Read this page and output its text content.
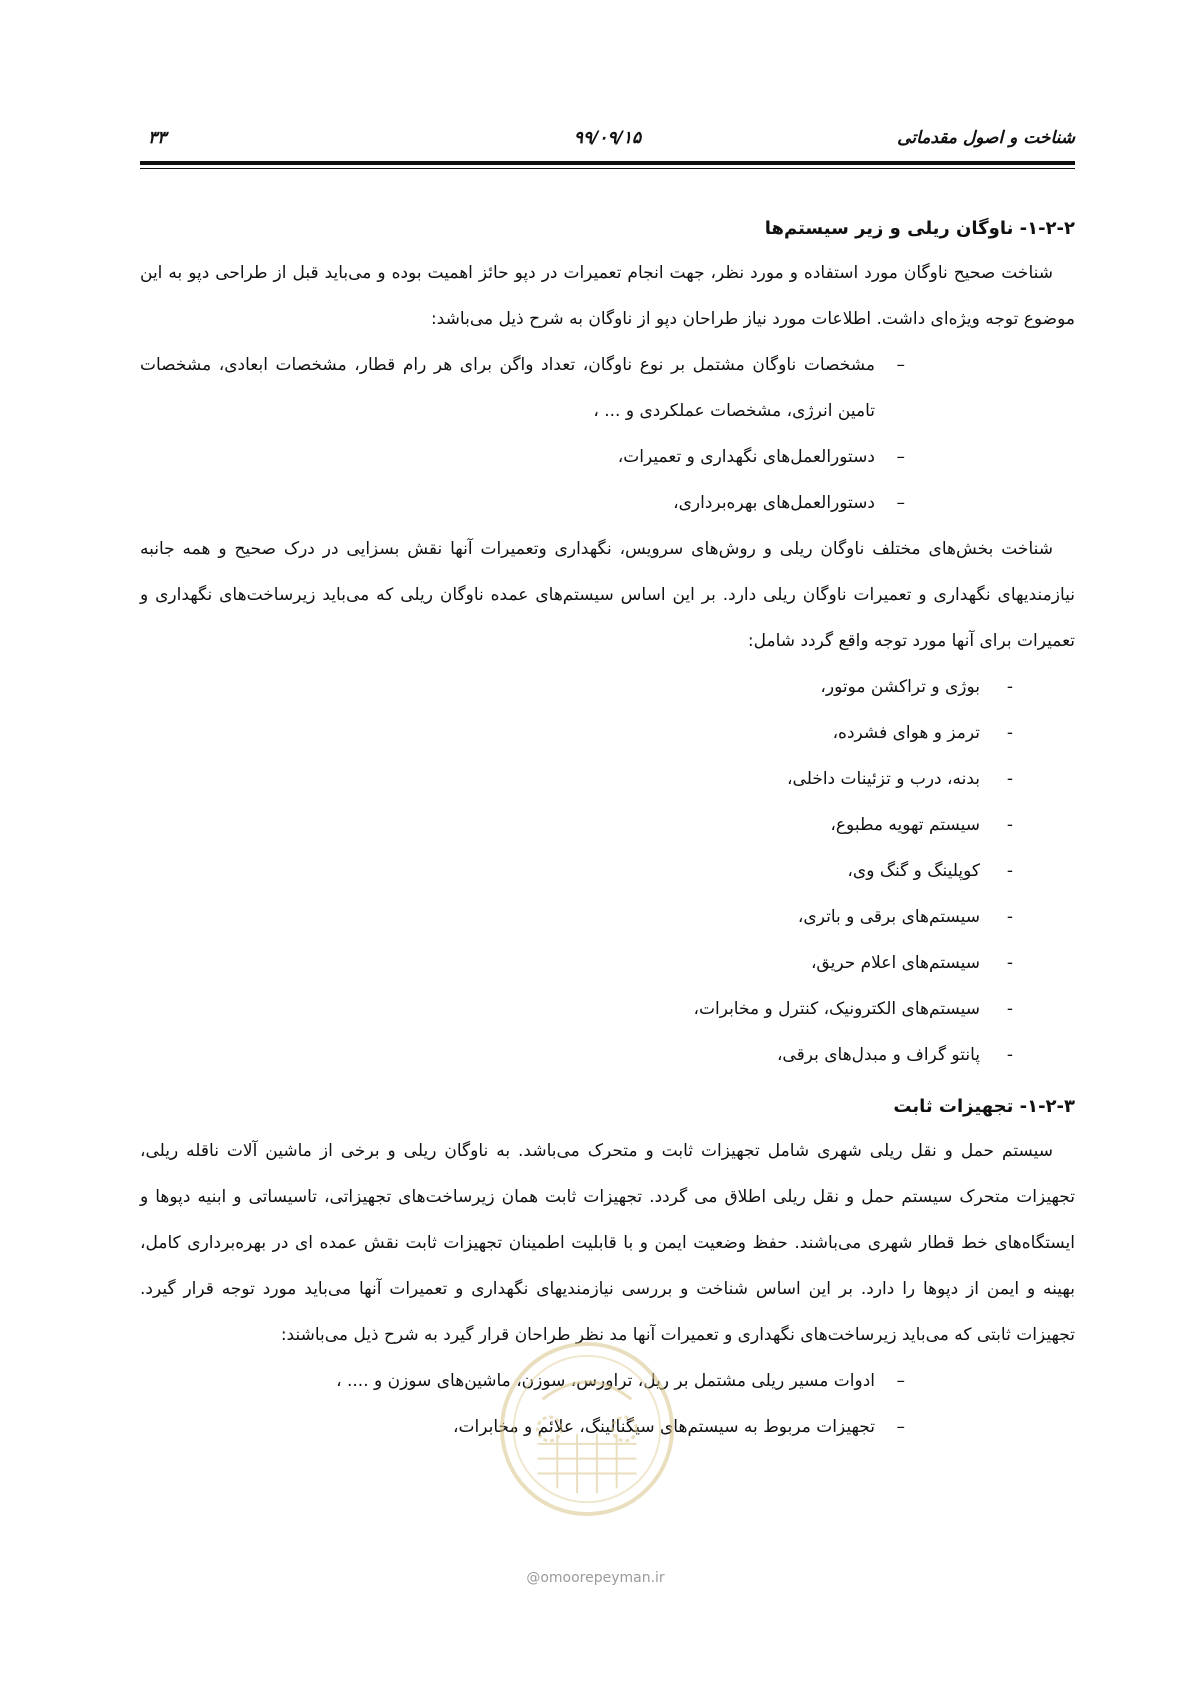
شناخت و اصول مقدماتی
۹۹/۰۹/۱۵
۳۳
۱-۲-۲- ناوگان ریلی و زیر سیستم‌ها

شناخت صحیح ناوگان مورد استفاده و مورد نظر، جهت انجام تعمیرات در دپو حائز اهمیت بوده و می‌باید قبل از طراحی دپو به این موضوع توجه ویژه‌ای داشت. اطلاعات مورد نیاز طراحان دپو از ناوگان به شرح ذیل می‌باشد:

– مشخصات ناوگان مشتمل بر نوع ناوگان، تعداد واگن برای هر رام قطار، مشخصات ابعادی، مشخصات تامین انرژی، مشخصات عملکردی و ... ،
– دستورالعمل‌های نگهداری و تعمیرات،
– دستورالعمل‌های بهره‌برداری،

شناخت بخش‌های مختلف ناوگان ریلی و روش‌های سرویس، نگهداری وتعمیرات آنها نقش بسزایی در درک صحیح و همه جانبه نیازمندیهای نگهداری و تعمیرات ناوگان ریلی دارد. بر این اساس سیستم‌های عمده ناوگان ریلی که می‌باید زیرساخت‌های نگهداری و تعمیرات برای آنها مورد توجه واقع گردد شامل:

- بوژی و تراکشن موتور،
- ترمز و هوای فشرده،
- بدنه، درب و تزئینات داخلی،
- سیستم تهویه مطبوع،
- کوپلینگ و گنگ وی،
- سیستم‌های برقی و باتری،
- سیستم‌های اعلام حریق،
- سیستم‌های الکترونیک، کنترل و مخابرات،
- پانتو گراف و مبدل‌های برقی،
۱-۲-۳- تجهیزات ثابت

سیستم حمل و نقل ریلی شهری شامل تجهیزات ثابت و متحرک می‌باشد. به ناوگان ریلی و برخی از ماشین آلات ناقله ریلی، تجهیزات متحرک سیستم حمل و نقل ریلی اطلاق می گردد. تجهیزات ثابت همان زیرساخت‌های تجهیزاتی، تاسیساتی و ابنیه دپوها و ایستگاه‌های خط قطار شهری می‌باشند. حفظ وضعیت ایمن و با قابلیت اطمینان تجهیزات ثابت نقش عمده ای در بهره‌برداری کامل، بهینه و ایمن از دپوها را دارد. بر این اساس شناخت و بررسی نیازمندیهای نگهداری و تعمیرات آنها می‌باید مورد توجه قرار گیرد. تجهیزات ثابتی که می‌باید زیرساخت‌های نگهداری و تعمیرات آنها مد نظر طراحان قرار گیرد به شرح ذیل می‌باشند:

– ادوات مسیر ریلی مشتمل بر ریل، تراورس، سوزن، ماشین‌های سوزن و .... ،
– تجهیزات مربوط به سیستم‌های سیگنالینگ، علائم و مخابرات،
@omoorepeyman.ir
